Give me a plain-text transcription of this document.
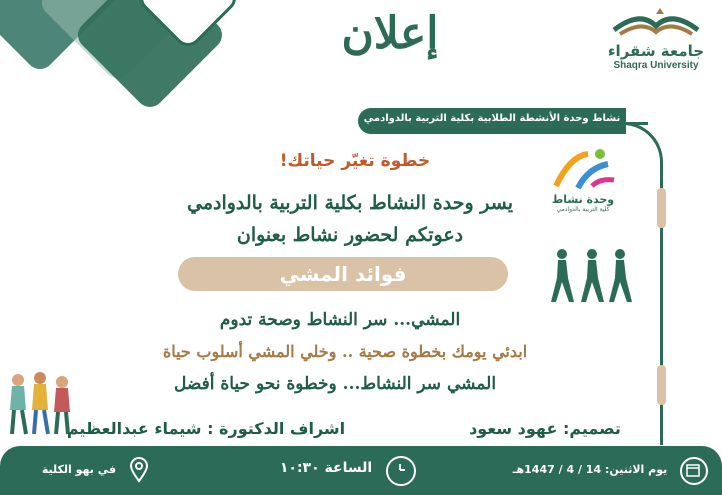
إعلان	جامعة شقراء
Shaqra University
نشاط وحدة الأنشطة الطلابية بكلية التربية بالدوادمي
وحدة نشاط
كلية التربية بالدوادمي
خطوة تغيّر حياتك!
يسر وحدة النشاط بكلية التربية بالدوادمي
دعوتكم لحضور نشاط بعنوان
فوائد المشي
المشي... سر النشاط وصحة تدوم
ابدئي يومك بخطوة صحية .. وخلي المشي أسلوب حياة
المشي سر النشاط... وخطوة نحو حياة أفضل
تصميم: عهود سعود
اشراف الدكتورة : شيماء عبدالعظيم
يوم الاثنين: 14 / 4 / 1447هـ
الساعة ١٠:٣٠
في بهو الكلية
